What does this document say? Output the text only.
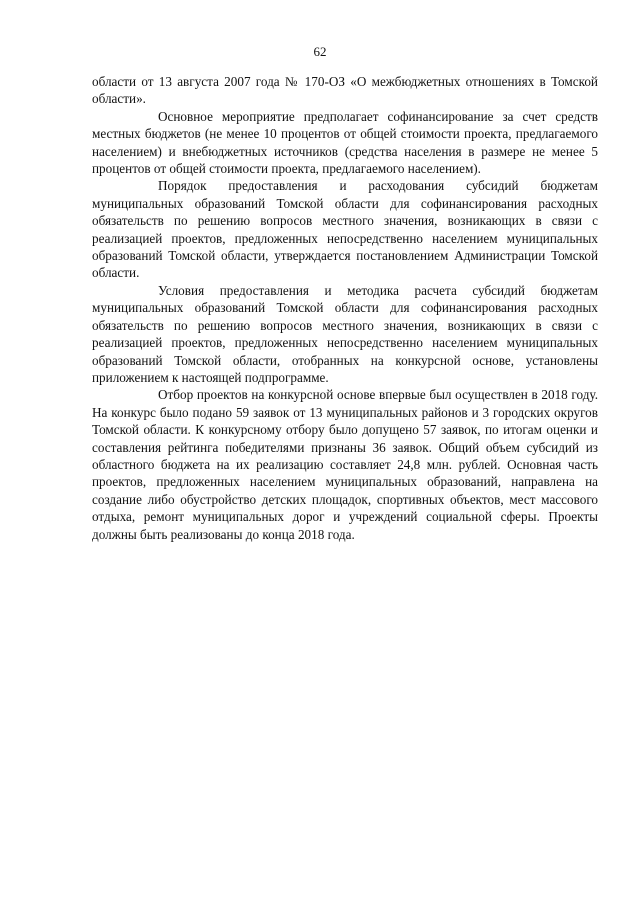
62

области от 13 августа 2007 года № 170-ОЗ «О межбюджетных отношениях в Томской области».

Основное мероприятие предполагает софинансирование за счет средств местных бюджетов (не менее 10 процентов от общей стоимости проекта, предлагаемого населением) и внебюджетных источников (средства населения в размере не менее 5 процентов от общей стоимости проекта, предлагаемого населением).

Порядок предоставления и расходования субсидий бюджетам муниципальных образований Томской области для софинансирования расходных обязательств по решению вопросов местного значения, возникающих в связи с реализацией проектов, предложенных непосредственно населением муниципальных образований Томской области, утверждается постановлением Администрации Томской области.

Условия предоставления и методика расчета субсидий бюджетам муниципальных образований Томской области для софинансирования расходных обязательств по решению вопросов местного значения, возникающих в связи с реализацией проектов, предложенных непосредственно населением муниципальных образований Томской области, отобранных на конкурсной основе, установлены приложением к настоящей подпрограмме.

Отбор проектов на конкурсной основе впервые был осуществлен в 2018 году. На конкурс было подано 59 заявок от 13 муниципальных районов и 3 городских округов Томской области. К конкурсному отбору было допущено 57 заявок, по итогам оценки и составления рейтинга победителями признаны 36 заявок. Общий объем субсидий из областного бюджета на их реализацию составляет 24,8 млн. рублей. Основная часть проектов, предложенных населением муниципальных образований, направлена на создание либо обустройство детских площадок, спортивных объектов, мест массового отдыха, ремонт муниципальных дорог и учреждений социальной сферы. Проекты должны быть реализованы до конца 2018 года.
